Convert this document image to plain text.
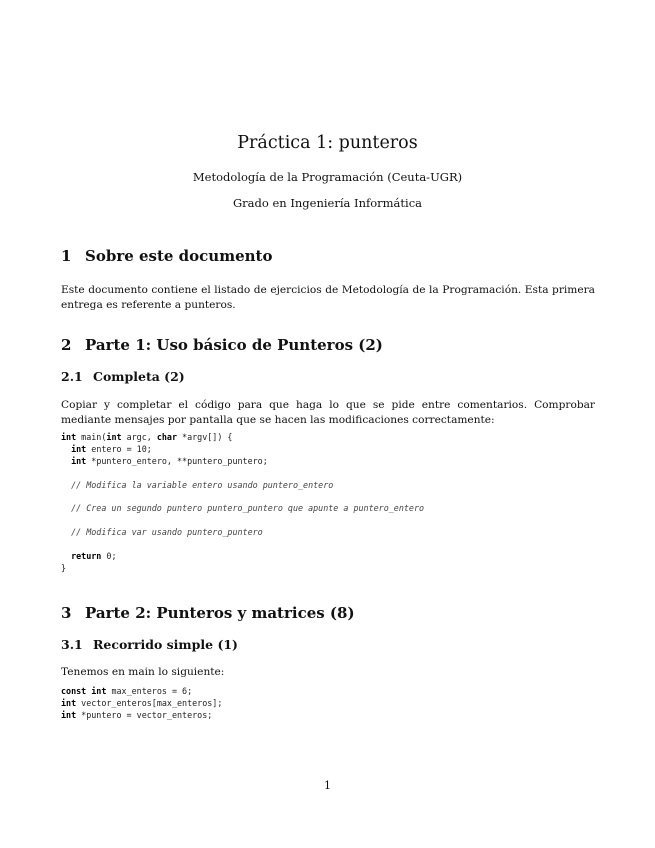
Práctica 1: punteros
Metodología de la Programación (Ceuta-UGR)
Grado en Ingeniería Informática
1 Sobre este documento
Este documento contiene el listado de ejercicios de Metodología de la Programación. Esta primera entrega es referente a punteros.
2 Parte 1: Uso básico de Punteros (2)
2.1 Completa (2)
Copiar y completar el código para que haga lo que se pide entre comentarios. Comprobar mediante mensajes por pantalla que se hacen las modificaciones correctamente:
int main(int argc, char *argv[]) {
int entero = 10;
int *puntero_entero, **puntero_puntero;

// Modifica la variable entero usando puntero_entero

// Crea un segundo puntero puntero_puntero que apunte a puntero_entero

// Modifica var usando puntero_puntero

return 0;
}
3 Parte 2: Punteros y matrices (8)
3.1 Recorrido simple (1)
Tenemos en main lo siguiente:
const int max_enteros = 6;
int vector_enteros[max_enteros];
int *puntero = vector_enteros;
1
